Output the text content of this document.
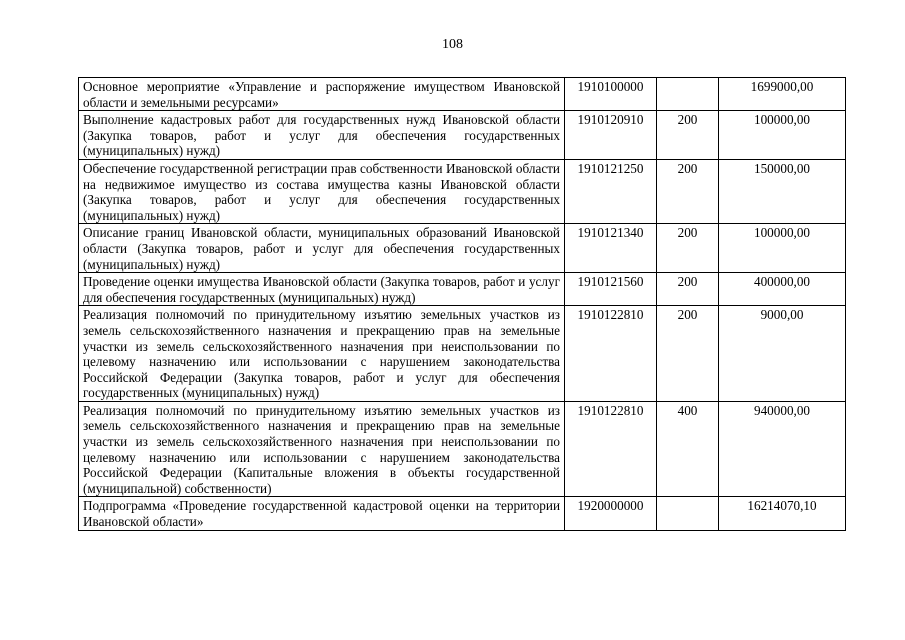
108
Основное мероприятие «Управление и распоряжение имуществом Ивановской области и земельными ресурсами»	1910100000		1699000,00
Выполнение кадастровых работ для государственных нужд Ивановской области (Закупка товаров, работ и услуг для обеспечения государственных (муниципальных) нужд)	1910120910	200	100000,00
Обеспечение государственной регистрации прав собственности Ивановской области на недвижимое имущество из состава имущества казны Ивановской области (Закупка товаров, работ и услуг для обеспечения государственных (муниципальных) нужд)	1910121250	200	150000,00
Описание границ Ивановской области, муниципальных образований Ивановской области (Закупка товаров, работ и услуг для обеспечения государственных (муниципальных) нужд)	1910121340	200	100000,00
Проведение оценки имущества Ивановской области (Закупка товаров, работ и услуг для обеспечения государственных (муниципальных) нужд)	1910121560	200	400000,00
Реализация полномочий по принудительному изъятию земельных участков из земель сельскохозяйственного назначения и прекращению прав на земельные участки из земель сельскохозяйственного назначения при неиспользовании по целевому назначению или использовании с нарушением законодательства Российской Федерации (Закупка товаров, работ и услуг для обеспечения государственных (муниципальных) нужд)	1910122810	200	9000,00
Реализация полномочий по принудительному изъятию земельных участков из земель сельскохозяйственного назначения и прекращению прав на земельные участки из земель сельскохозяйственного назначения при неиспользовании по целевому назначению или использовании с нарушением законодательства Российской Федерации (Капитальные вложения в объекты государственной (муниципальной) собственности)	1910122810	400	940000,00
Подпрограмма «Проведение государственной кадастровой оценки на территории Ивановской области»	1920000000		16214070,10
